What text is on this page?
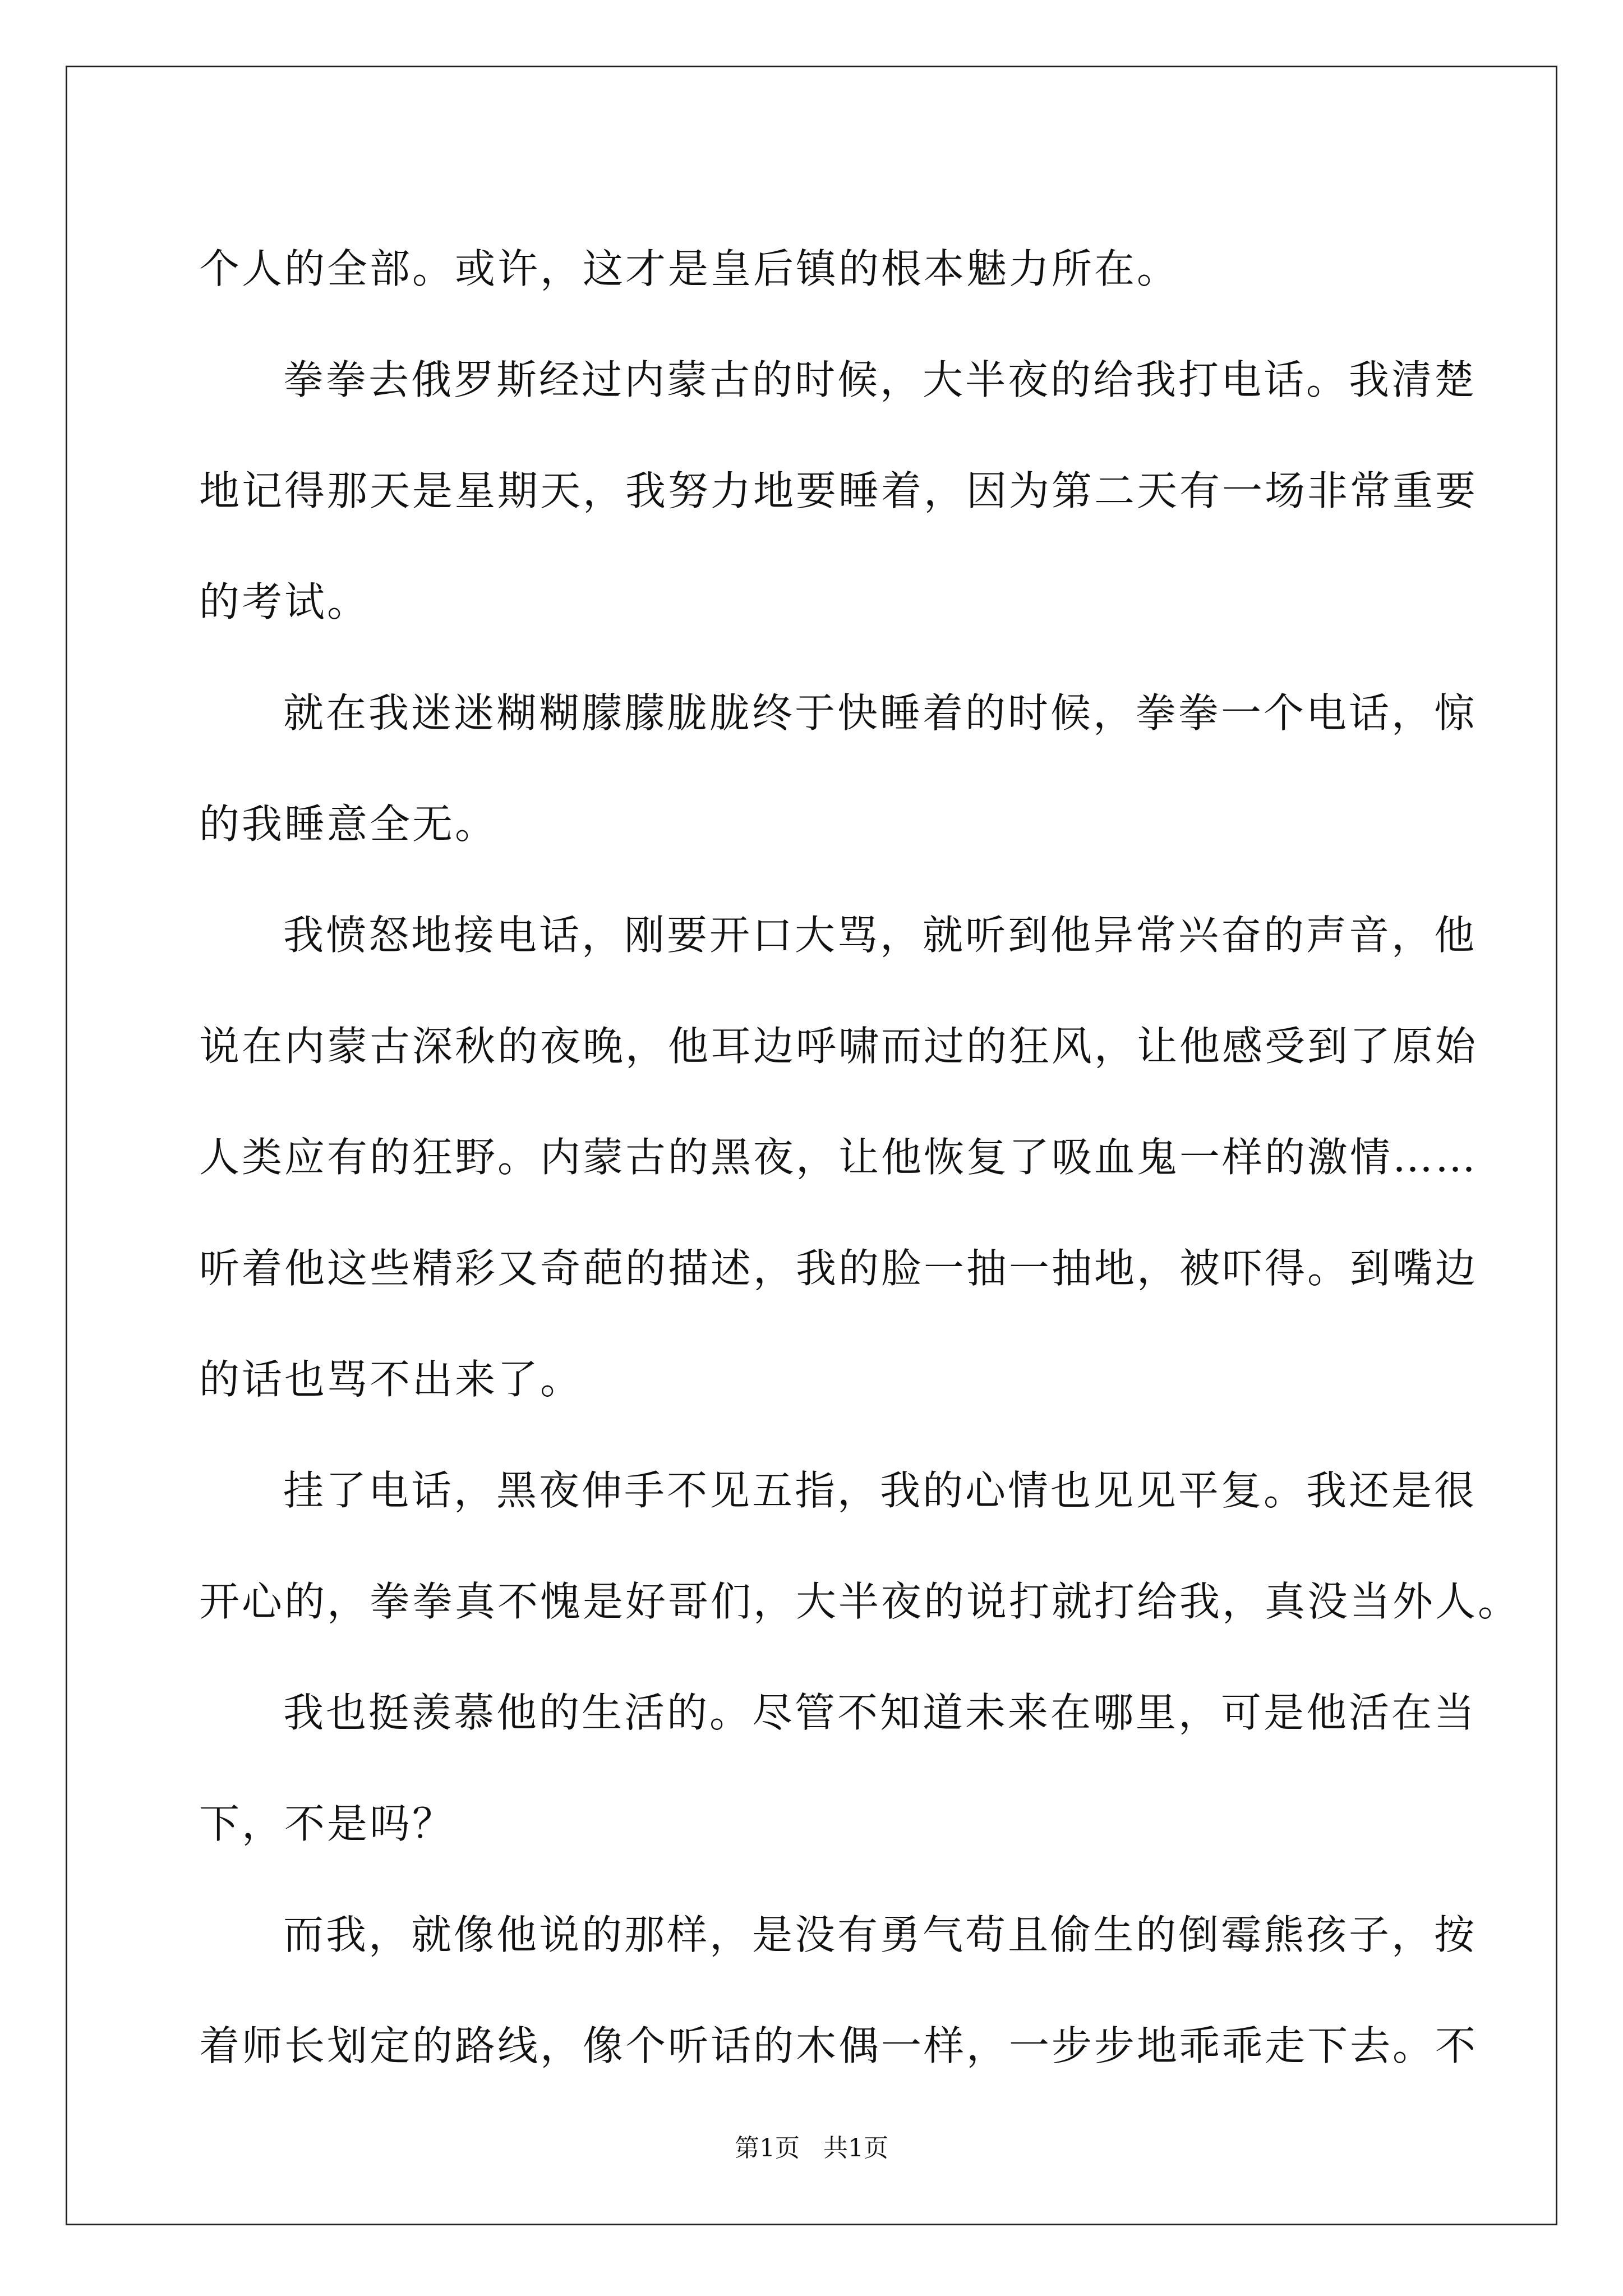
个人的全部。或许，这才是皇后镇的根本魅力所在。
拳拳去俄罗斯经过内蒙古的时候，大半夜的给我打电话。我清楚
地记得那天是星期天，我努力地要睡着，因为第二天有一场非常重要
的考试。
就在我迷迷糊糊朦朦胧胧终于快睡着的时候，拳拳一个电话，惊
的我睡意全无。
我愤怒地接电话，刚要开口大骂，就听到他异常兴奋的声音，他
说在内蒙古深秋的夜晚，他耳边呼啸而过的狂风，让他感受到了原始
人类应有的狂野。内蒙古的黑夜，让他恢复了吸血鬼一样的激情……
听着他这些精彩又奇葩的描述，我的脸一抽一抽地，被吓得。到嘴边
的话也骂不出来了。
挂了电话，黑夜伸手不见五指，我的心情也见见平复。我还是很
开心的，拳拳真不愧是好哥们，大半夜的说打就打给我，真没当外人。
我也挺羡慕他的生活的。尽管不知道未来在哪里，可是他活在当
下，不是吗？
而我，就像他说的那样，是没有勇气苟且偷生的倒霉熊孩子，按
着师长划定的路线，像个听话的木偶一样，一步步地乖乖走下去。不
第1页   共1页
